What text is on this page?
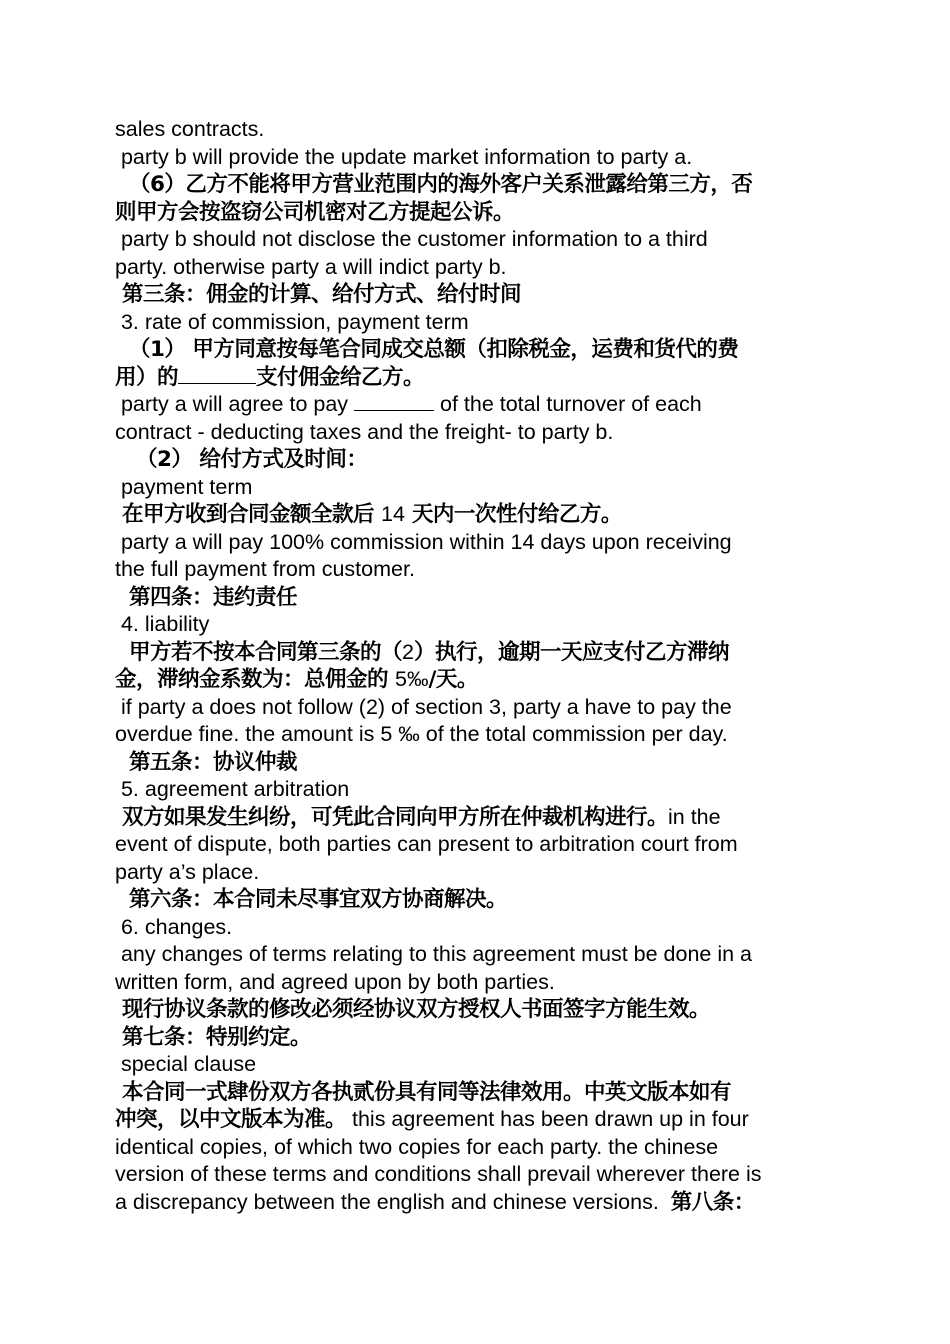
sales contracts.
party b will provide the update market information to party a.
（6）乙方不能将甲方营业范围内的海外客户关系泄露给第三方，否
则甲方会按盗窃公司机密对乙方提起公诉。
party b should not disclose the customer information to a third
party. otherwise party a will indict party b.
第三条：佣金的计算、给付方式、给付时间
3. rate of commission, payment term
（1） 甲方同意按每笔合同成交总额（扣除税金，运费和货代的费
用）的	支付佣金给乙方。
party a will agree to pay	of the total turnover of each
contract - deducting taxes and the freight- to party b.
（2） 给付方式及时间：
payment term
在甲方收到合同金额全款后 14 天内一次性付给乙方。
party a will pay 100% commission within 14 days upon receiving
the full payment from customer.
第四条：违约责任
4. liability
甲方若不按本合同第三条的（2）执行，逾期一天应支付乙方滞纳
金，滞纳金系数为：总佣金的 5‰/天。
if party a does not follow (2) of section 3, party a have to pay the
overdue fine. the amount is 5 ‰ of the total commission per day.
第五条：协议仲裁
5. agreement arbitration
双方如果发生纠纷，可凭此合同向甲方所在仲裁机构进行。in the
event of dispute, both parties can present to arbitration court from
party a’s place.
第六条：本合同未尽事宜双方协商解决。
6. changes.
any changes of terms relating to this agreement must be done in a
written form, and agreed upon by both parties.
现行协议条款的修改必须经协议双方授权人书面签字方能生效。
第七条：特别约定。
special clause
本合同一式肆份双方各执贰份具有同等法律效用。中英文版本如有
冲突，以中文版本为准。 this agreement has been drawn up in four
identical copies, of which two copies for each party. the chinese
version of these terms and conditions shall prevail wherever there is
a discrepancy between the english and chinese versions.  第八条：
